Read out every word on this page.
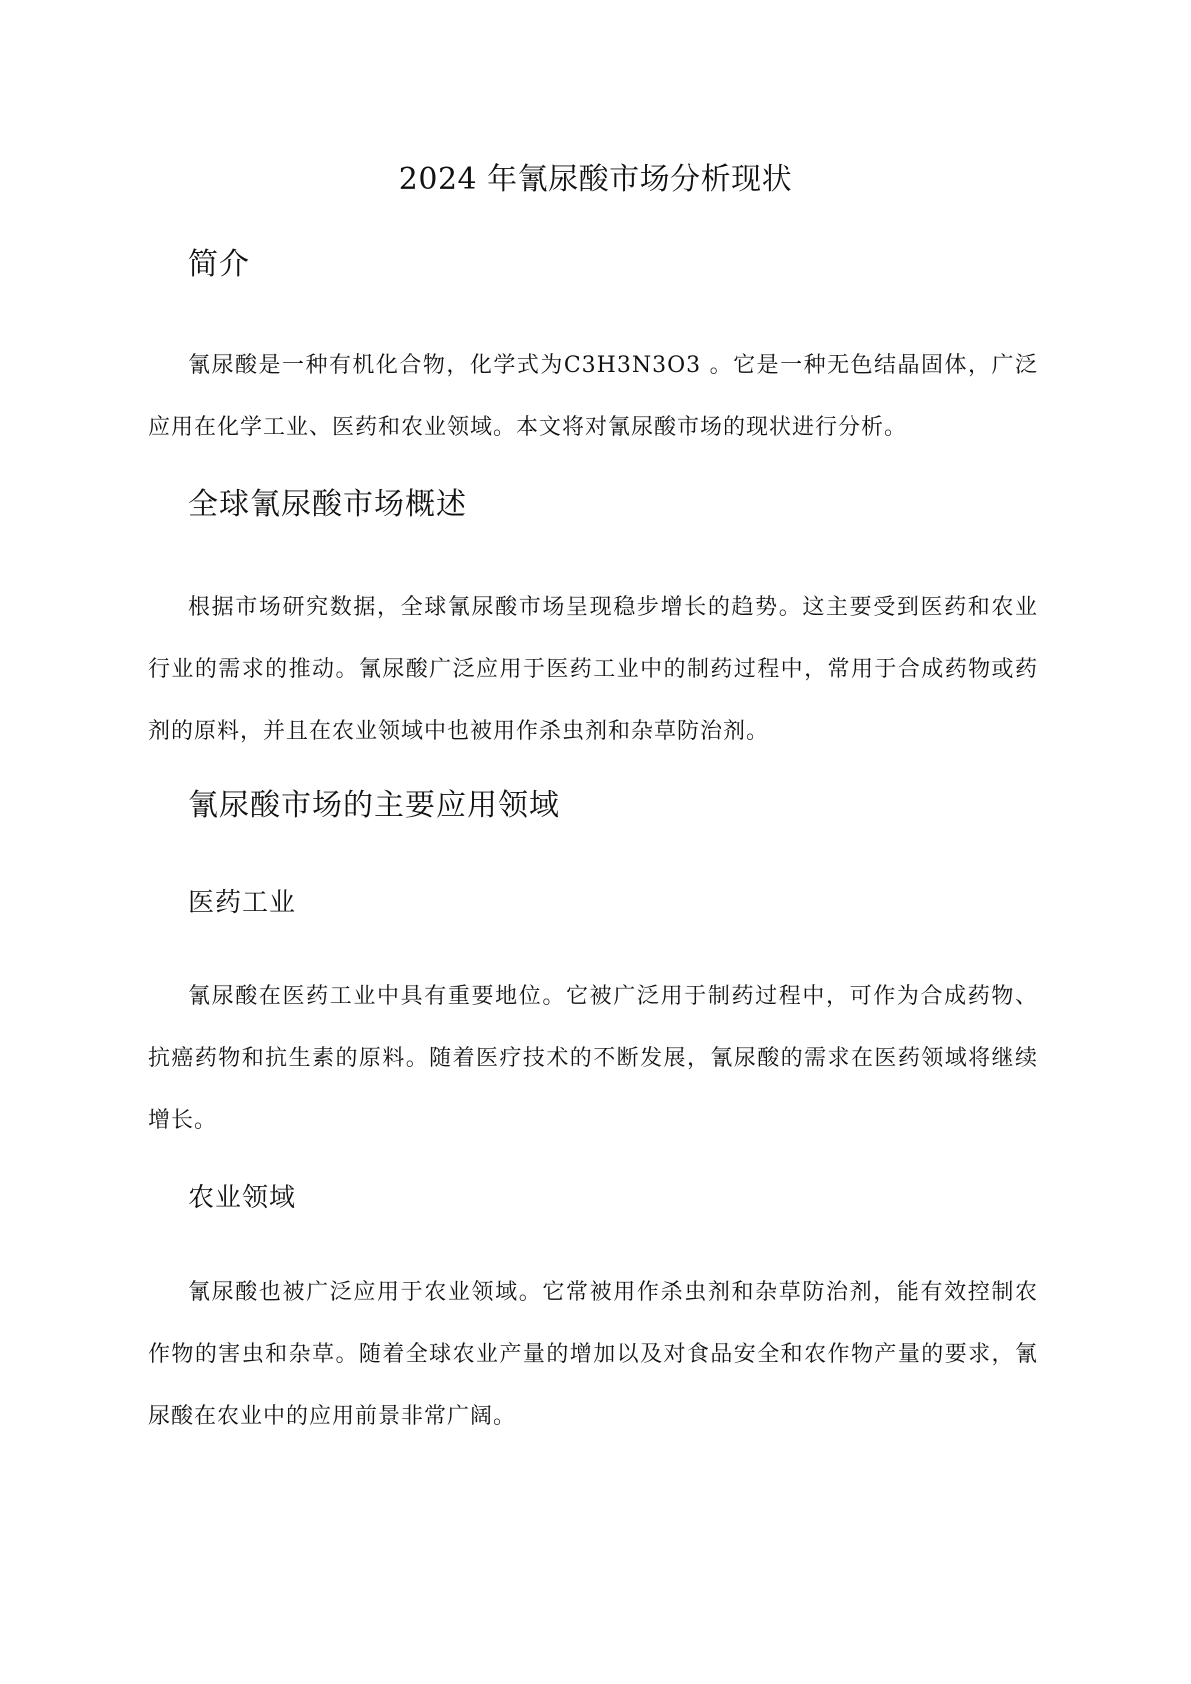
2024 年氰尿酸市场分析现状
简介

氰尿酸是一种有机化合物，化学式为C3H3N3O3 。它是一种无色结晶固体，广泛应用在化学工业、医药和农业领域。本文将对氰尿酸市场的现状进行分析。

全球氰尿酸市场概述

根据市场研究数据，全球氰尿酸市场呈现稳步增长的趋势。这主要受到医药和农业行业的需求的推动。氰尿酸广泛应用于医药工业中的制药过程中，常用于合成药物或药剂的原料，并且在农业领域中也被用作杀虫剂和杂草防治剂。

氰尿酸市场的主要应用领域
医药工业

氰尿酸在医药工业中具有重要地位。它被广泛用于制药过程中，可作为合成药物、抗癌药物和抗生素的原料。随着医疗技术的不断发展，氰尿酸的需求在医药领域将继续增长。

农业领域

氰尿酸也被广泛应用于农业领域。它常被用作杀虫剂和杂草防治剂，能有效控制农作物的害虫和杂草。随着全球农业产量的增加以及对食品安全和农作物产量的要求，氰尿酸在农业中的应用前景非常广阔。
